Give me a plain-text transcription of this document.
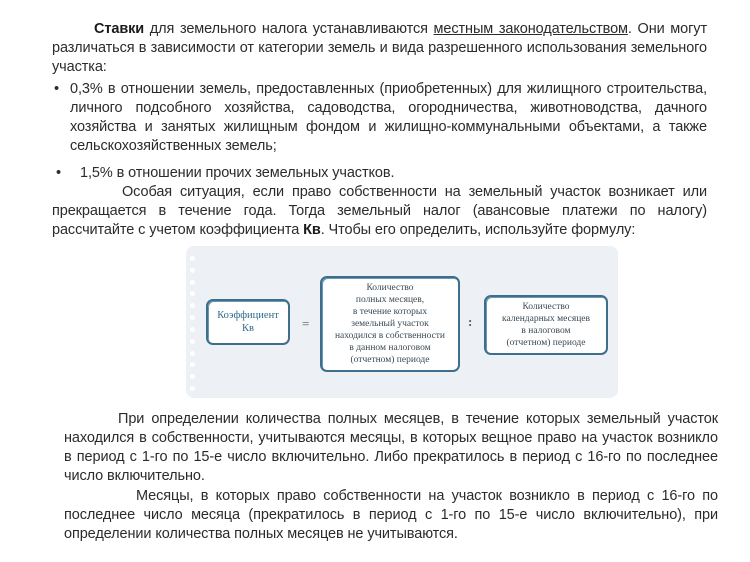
Ставки для земельного налога устанавливаются местным законодательством. Они могут различаться в зависимости от категории земель и вида разрешенного использования земельного участка:
• 0,3% в отношении земель, предоставленных (приобретенных) для жилищного строительства, личного подсобного хозяйства, садоводства, огородничества, животноводства, дачного хозяйства и занятых жилищным фондом и жилищно-коммунальными объектами, а также сельскохозяйственных земель;
• 1,5% в отношении прочих земельных участков.
Особая ситуация, если право собственности на земельный участок возникает или прекращается в течение года. Тогда земельный налог (авансовые платежи по налогу) рассчитайте с учетом коэффициента Кв. Чтобы его определить, используйте формулу:
Коэффициент
Кв	=
Количество
полных месяцев,
в течение которых
земельный участок
находился в собственности
в данном налоговом
(отчетном) периоде
:
Количество
календарных месяцев
в налоговом
(отчетном) периоде
При определении количества полных месяцев, в течение которых земельный участок находился в собственности, учитываются месяцы, в которых вещное право на участок возникло в период с 1-го по 15-е число включительно. Либо прекратилось в период с 16-го по последнее число включительно.
Месяцы, в которых право собственности на участок возникло в период с 16-го по последнее число месяца (прекратилось в период с 1-го по 15-е число включительно), при определении количества полных месяцев не учитываются.
